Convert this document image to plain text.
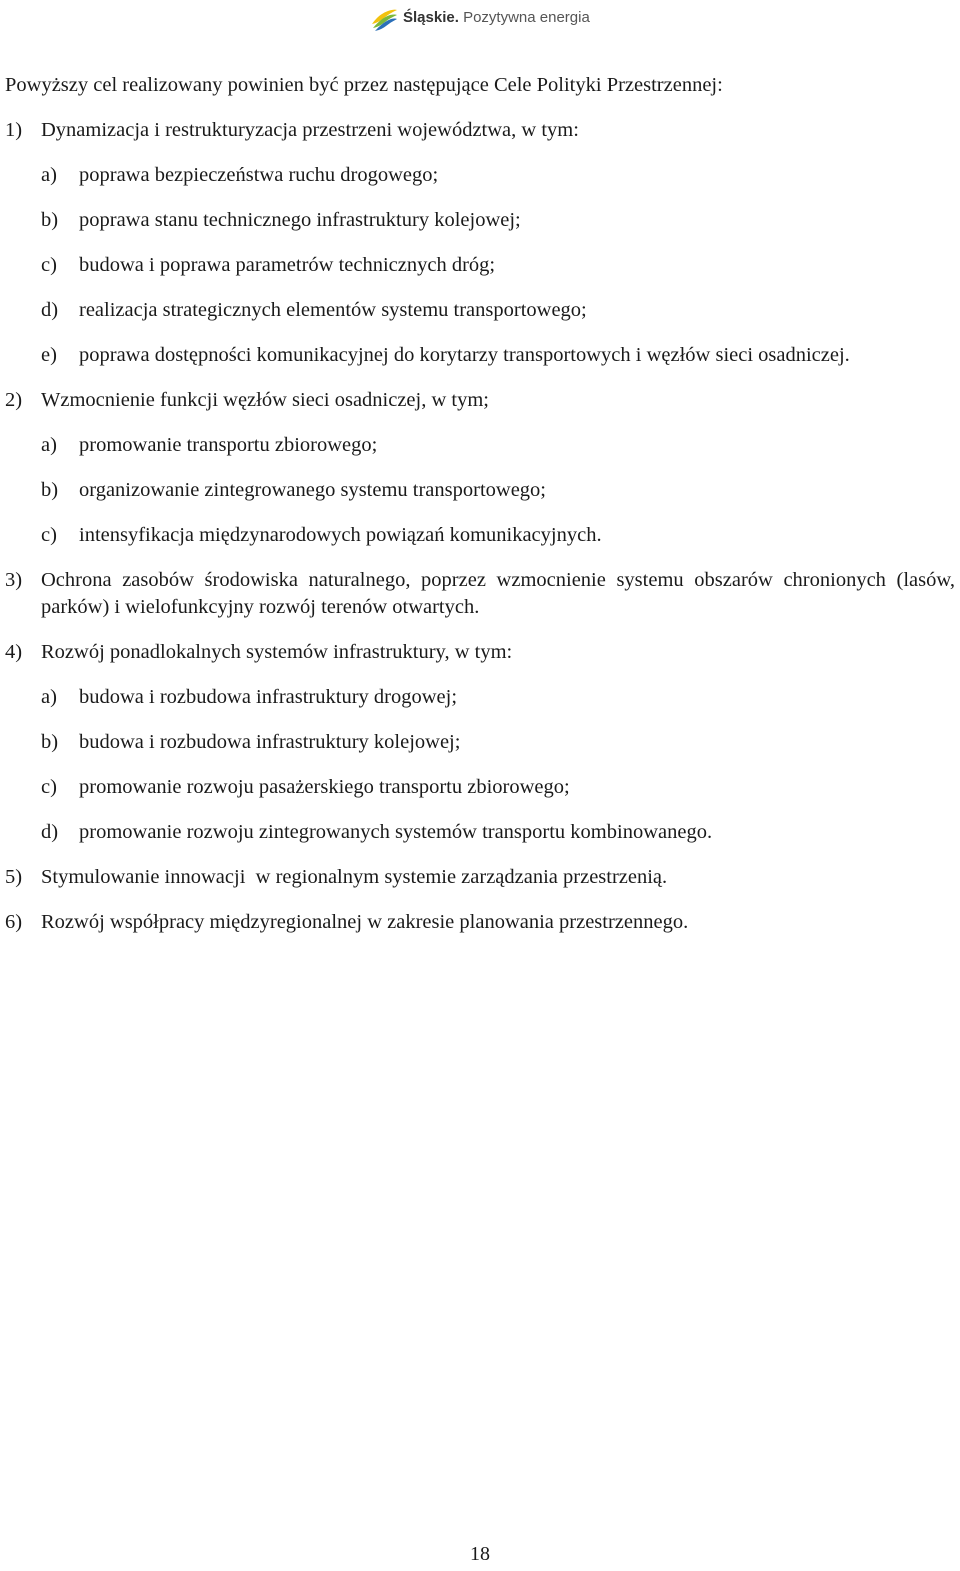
Śląskie. Pozytywna energia

Powyższy cel realizowany powinien być przez następujące Cele Polityki Przestrzennej:

1) Dynamizacja i restrukturyzacja przestrzeni województwa, w tym:
a) poprawa bezpieczeństwa ruchu drogowego;
b) poprawa stanu technicznego infrastruktury kolejowej;
c) budowa i poprawa parametrów technicznych dróg;
d) realizacja strategicznych elementów systemu transportowego;
e) poprawa dostępności komunikacyjnej do korytarzy transportowych i węzłów sieci osadniczej.
2) Wzmocnienie funkcji węzłów sieci osadniczej, w tym;
a) promowanie transportu zbiorowego;
b) organizowanie zintegrowanego systemu transportowego;
c) intensyfikacja międzynarodowych powiązań komunikacyjnych.
3) Ochrona zasobów środowiska naturalnego, poprzez wzmocnienie systemu obszarów chronionych (lasów, parków) i wielofunkcyjny rozwój terenów otwartych.
4) Rozwój ponadlokalnych systemów infrastruktury, w tym:
a) budowa i rozbudowa infrastruktury drogowej;
b) budowa i rozbudowa infrastruktury kolejowej;
c) promowanie rozwoju pasażerskiego transportu zbiorowego;
d) promowanie rozwoju zintegrowanych systemów transportu kombinowanego.
5) Stymulowanie innowacji  w regionalnym systemie zarządzania przestrzenią.
6) Rozwój współpracy międzyregionalnej w zakresie planowania przestrzennego.
18
